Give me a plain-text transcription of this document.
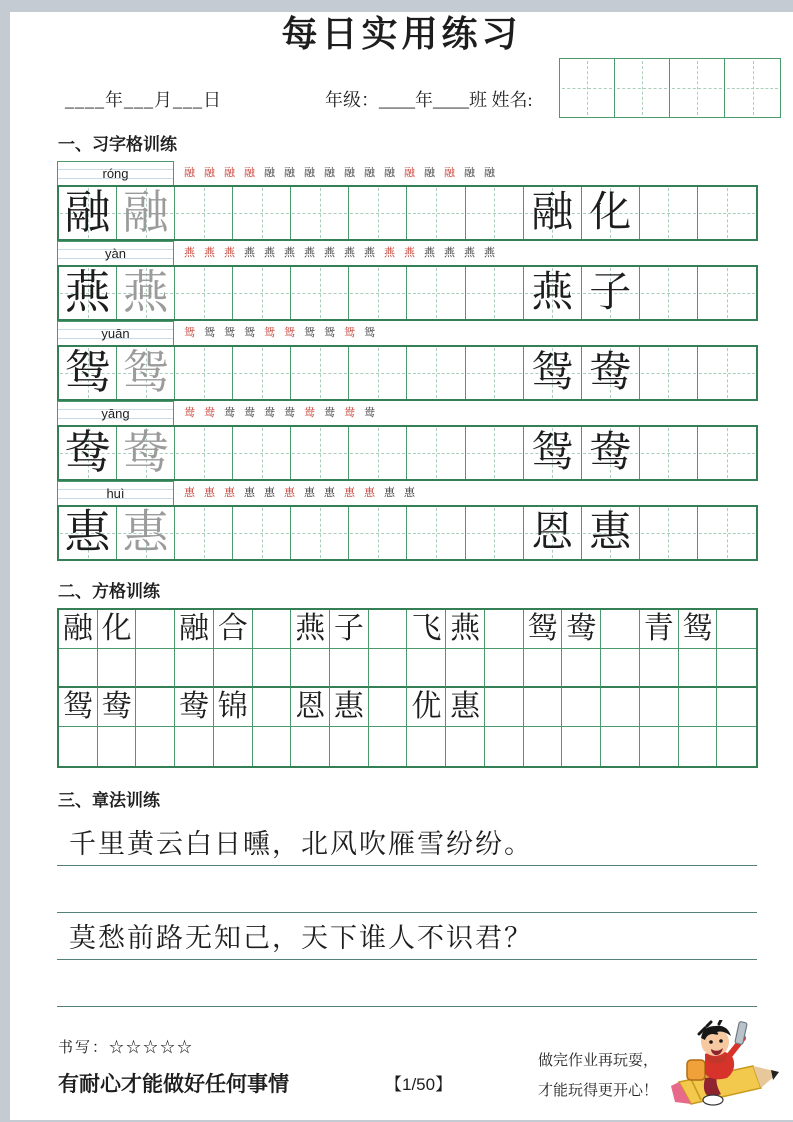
每日实用练习
____年___月___日	年级：____年____班 姓名:
一、习字格训练
róng	融 融 融 融 融 融 融 融 融 融 融 融 融 融 融 融
融 融	融 化
yàn	燕 燕 燕 燕 燕 燕 燕 燕 燕 燕 燕 燕 燕 燕 燕 燕
燕 燕	燕 子
yuān	鸳 鸳 鸳 鸳 鸳 鸳 鸳 鸳 鸳 鸳
鸳 鸳	鸳 鸯
yāng	鸯 鸯 鸯 鸯 鸯 鸯 鸯 鸯 鸯 鸯
鸯 鸯	鸳 鸯
huì	惠 惠 惠 惠 惠 惠 惠 惠 惠 惠 惠 惠
惠 惠	恩 惠
二、方格训练
融 化 融 合 燕 子 飞 燕 鸳 鸯 青 鸳
鸳 鸯 鸯 锦 恩 惠 优 惠
三、章法训练
千里黄云白日曛，北风吹雁雪纷纷。
莫愁前路无知己，天下谁人不识君？
书写：☆☆☆☆☆
有耐心才能做好任何事情	【1/50】
做完作业再玩耍，
才能玩得更开心！
